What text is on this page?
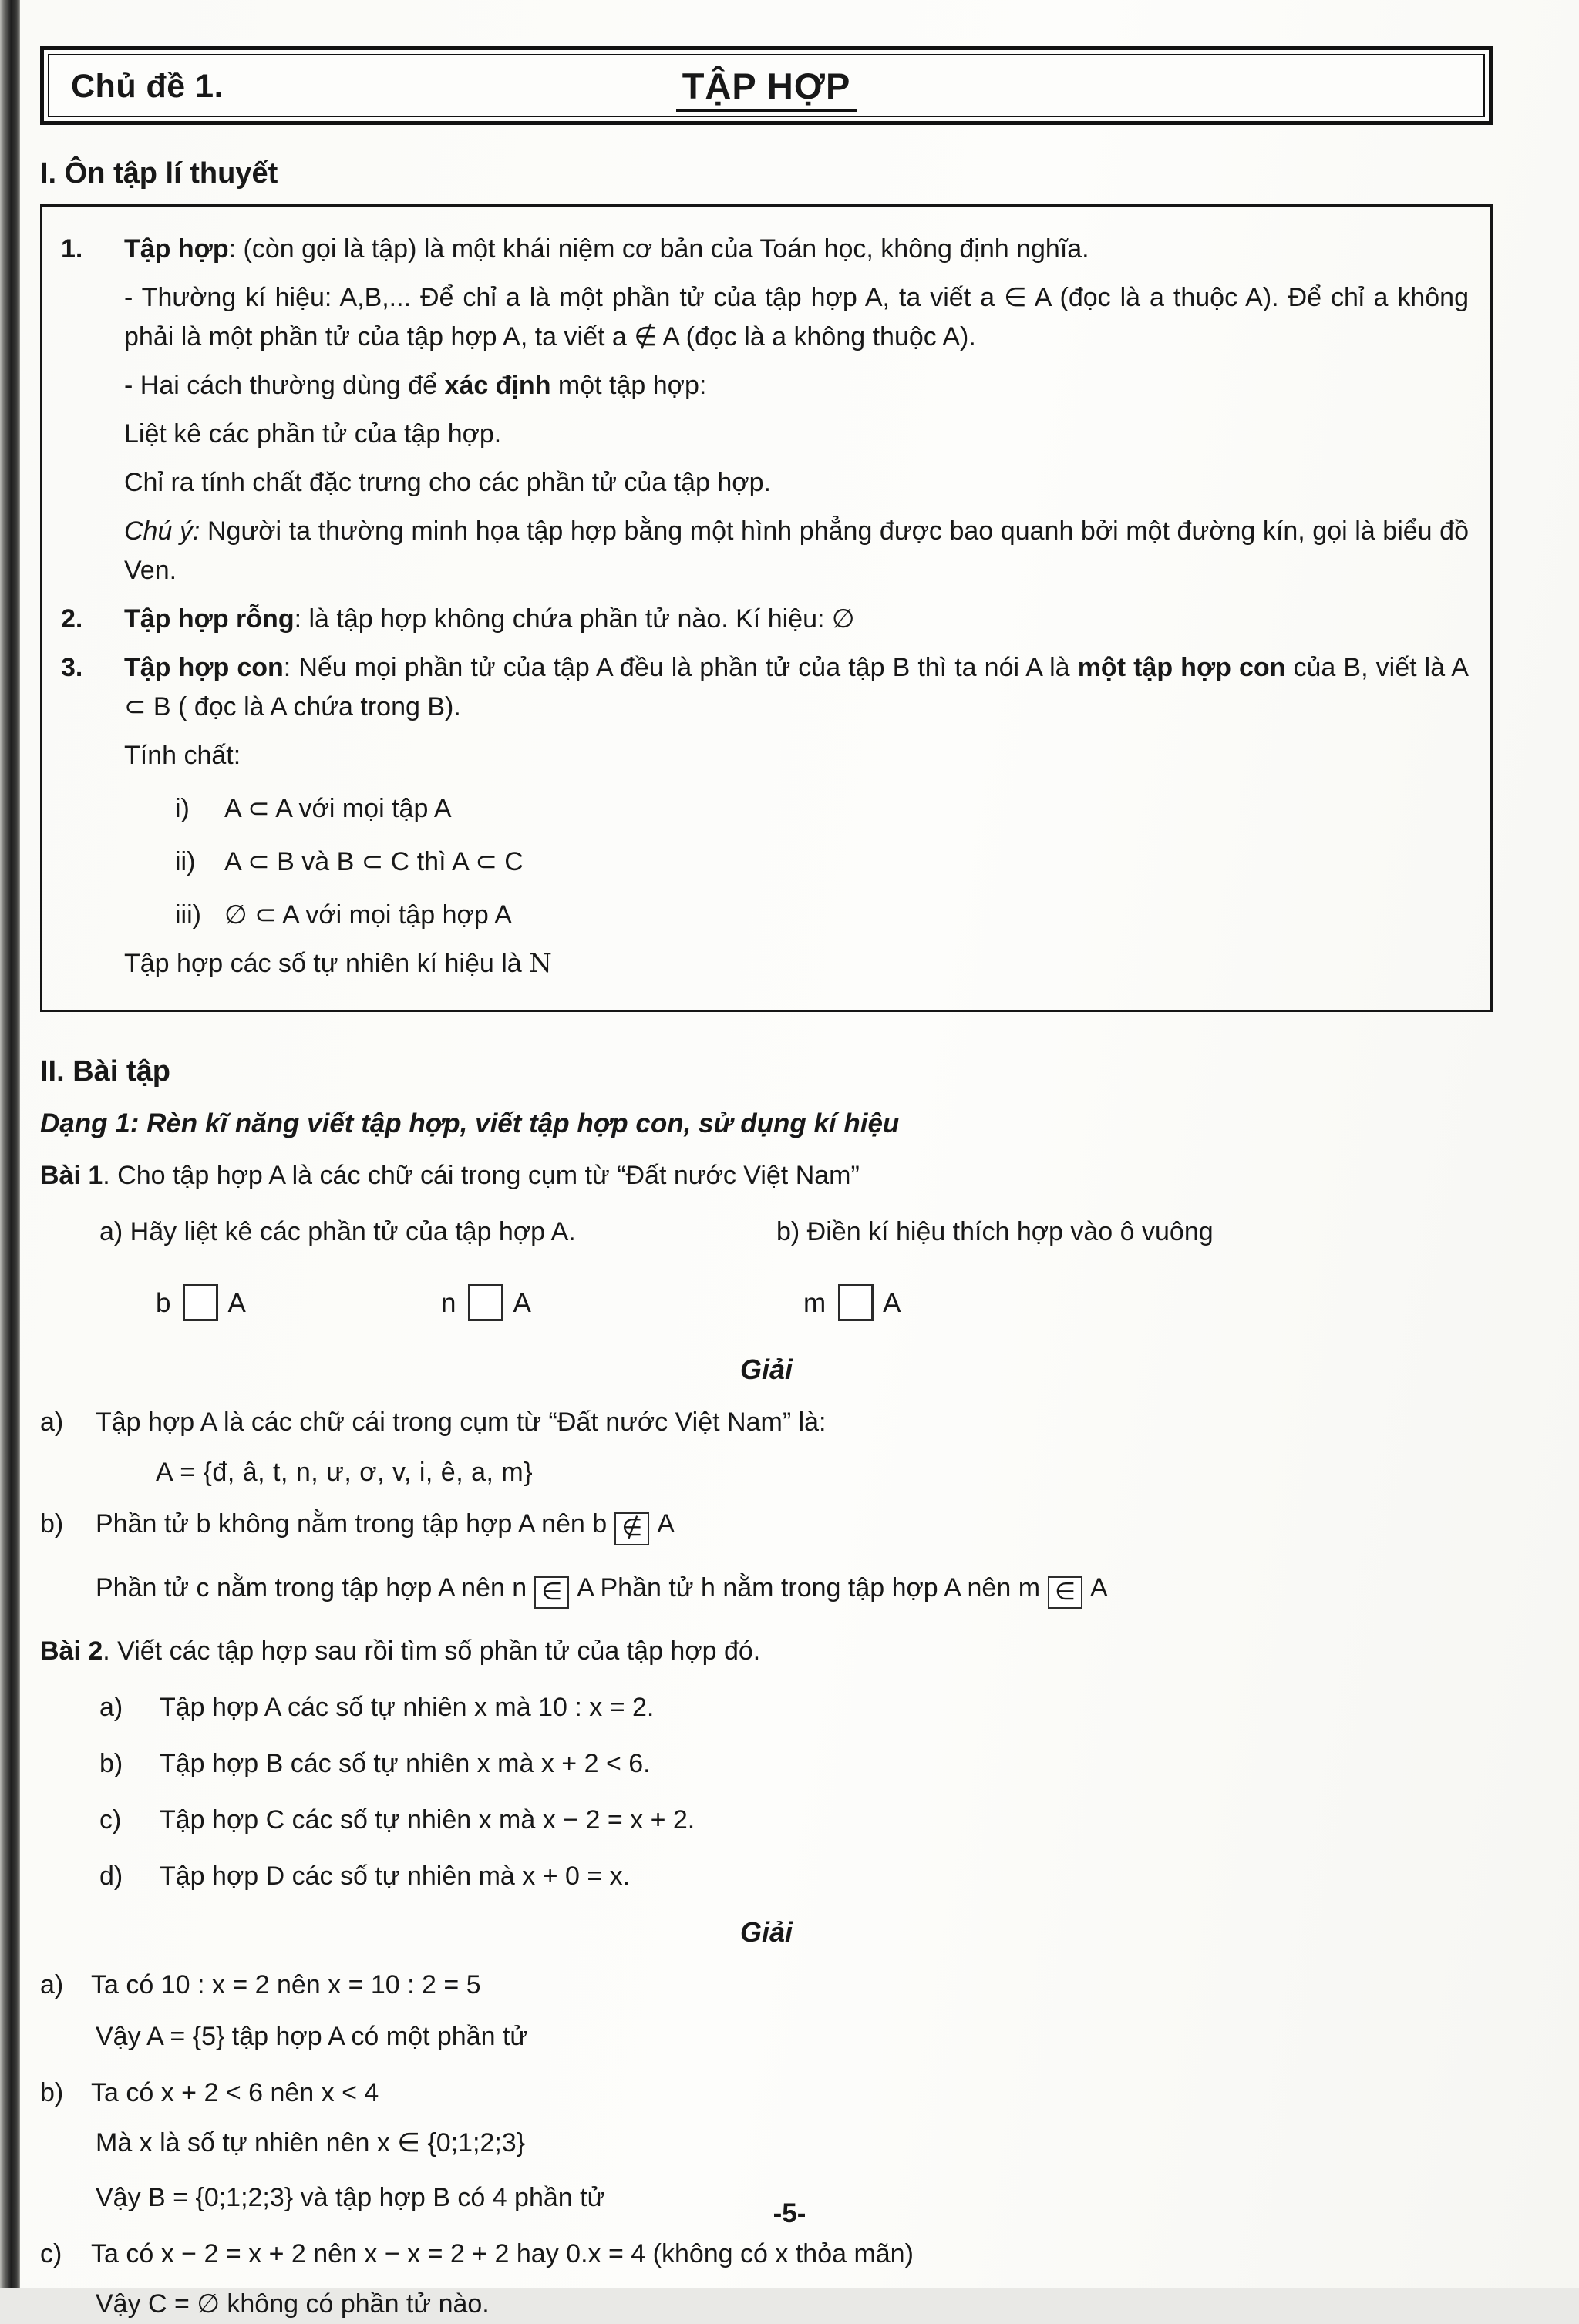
Chủ đề 1.	TẬP HỢP
I. Ôn tập lí thuyết

1. Tập hợp: (còn gọi là tập) là một khái niệm cơ bản của Toán học, không định nghĩa.

- Thường kí hiệu: A,B,... Để chỉ a là một phần tử của tập hợp A, ta viết a ∈ A (đọc là a thuộc A). Để chỉ a không phải là một phần tử của tập hợp A, ta viết a ∉ A (đọc là a không thuộc A).

- Hai cách thường dùng để xác định một tập hợp:

Liệt kê các phần tử của tập hợp.

Chỉ ra tính chất đặc trưng cho các phần tử của tập hợp.

Chú ý: Người ta thường minh họa tập hợp bằng một hình phẳng được bao quanh bởi một đường kín, gọi là biểu đồ Ven.

2. Tập hợp rỗng: là tập hợp không chứa phần tử nào. Kí hiệu: ∅

3. Tập hợp con: Nếu mọi phần tử của tập A đều là phần tử của tập B thì ta nói A là một tập hợp con của B, viết là A ⊂ B ( đọc là A chứa trong B).

Tính chất:

i) A ⊂ A với mọi tập A

ii) A ⊂ B và B ⊂ C thì A ⊂ C

iii) ∅ ⊂ A với mọi tập hợp A

Tập hợp các số tự nhiên kí hiệu là N

II. Bài tập

Dạng 1: Rèn kĩ năng viết tập hợp, viết tập hợp con, sử dụng kí hiệu

Bài 1. Cho tập hợp A là các chữ cái trong cụm từ “Đất nước Việt Nam”

a) Hãy liệt kê các phần tử của tập hợp A.	b) Điền kí hiệu thích hợp vào ô vuông

b A	n A	m A

Giải

a)	Tập hợp A là các chữ cái trong cụm từ “Đất nước Việt Nam” là:

A = {đ, â, t, n, ư, ơ, v, i, ê, a, m}

b)	Phần tử b không nằm trong tập hợp A nên b ∉ A

Phần tử c nằm trong tập hợp A nên n ∈ A Phần tử h nằm trong tập hợp A nên m ∈ A

Bài 2. Viết các tập hợp sau rồi tìm số phần tử của tập hợp đó.

a)	Tập hợp A các số tự nhiên x mà 10 : x = 2.
b)	Tập hợp B các số tự nhiên x mà x + 2 < 6.
c)	Tập hợp C các số tự nhiên x mà x − 2 = x + 2.
d)	Tập hợp D các số tự nhiên mà x + 0 = x.

Giải

a)	Ta có 10 : x = 2 nên x = 10 : 2 = 5

Vậy A = {5} tập hợp A có một phần tử

b)	Ta có x + 2 < 6 nên x < 4

Mà x là số tự nhiên nên x ∈ {0;1;2;3}

Vậy B = {0;1;2;3} và tập hợp B có 4 phần tử

c)	Ta có x − 2 = x + 2 nên x − x = 2 + 2 hay 0.x = 4 (không có x thỏa mãn)

Vậy C = ∅ không có phần tử nào.

-5-
